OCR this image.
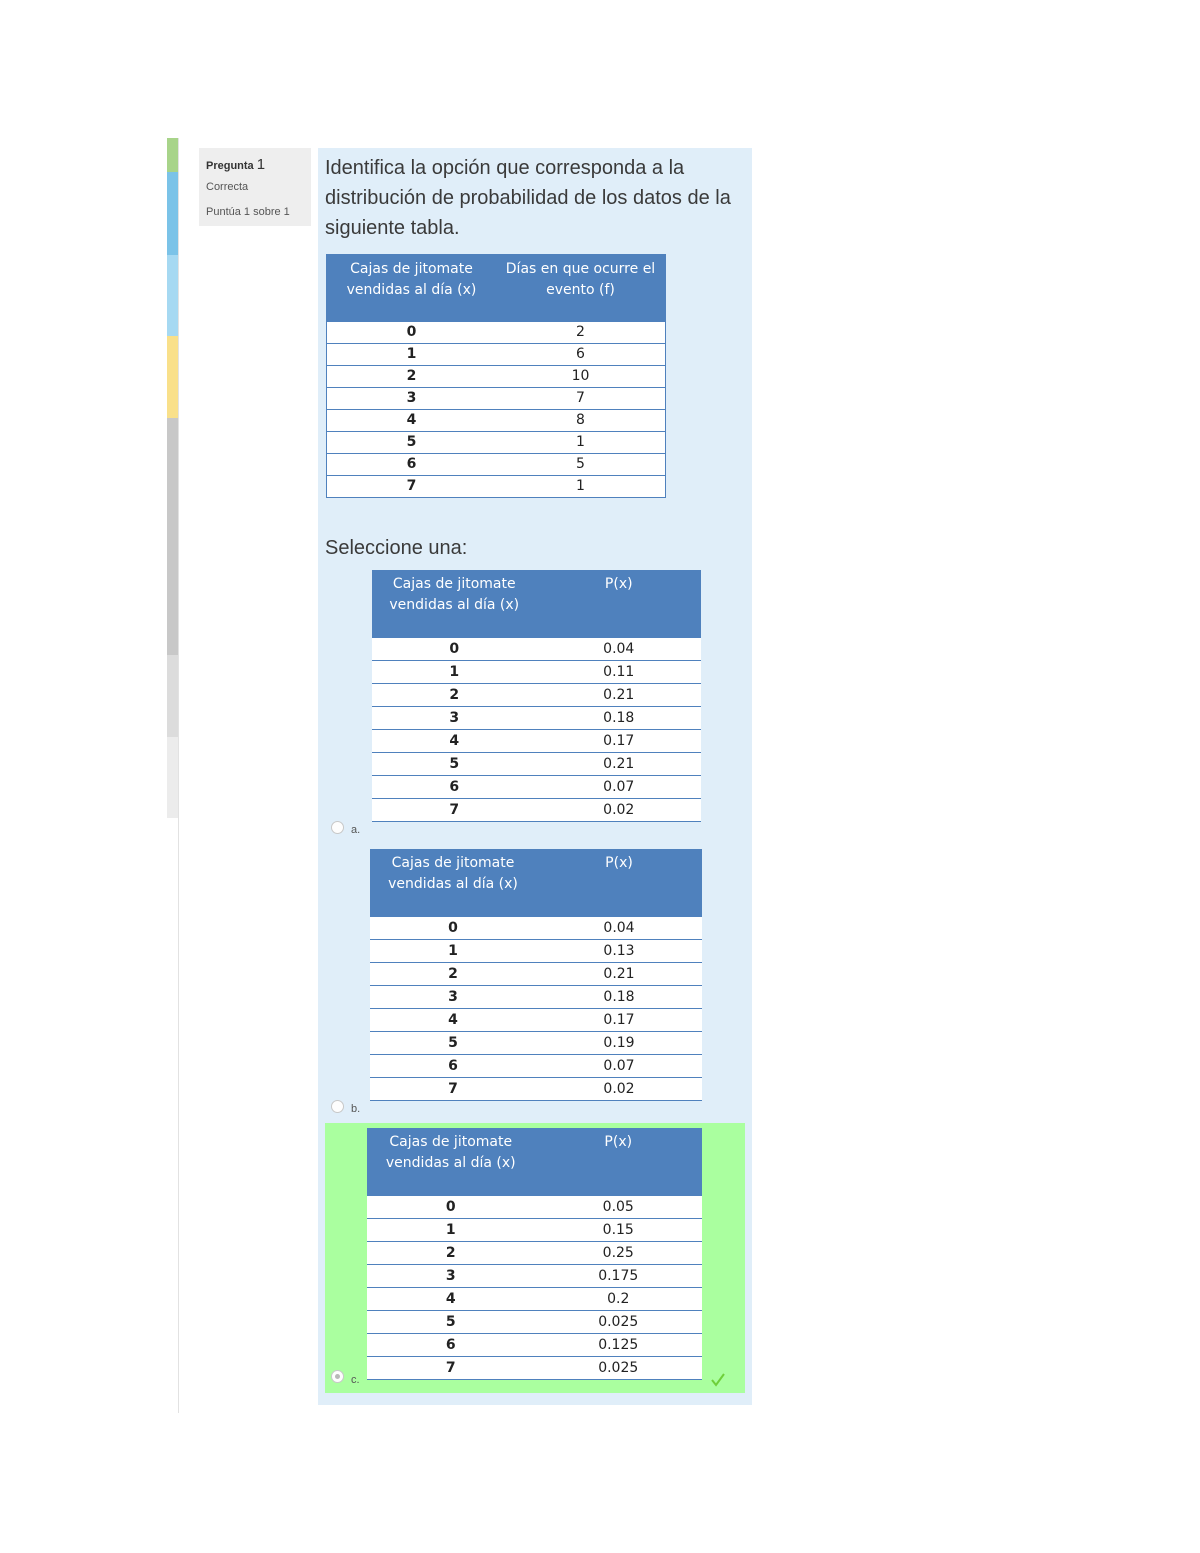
Pregunta 1
Correcta
Puntúa 1 sobre 1
Identifica la opción que corresponda a la distribución de probabilidad de los datos de la siguiente tabla.
Cajas de jitomate vendidas al día (x)	Días en que ocurre el evento (f)
0	2
1	6
2	10
3	7
4	8
5	1
6	5
7	1
Seleccione una:
Cajas de jitomate vendidas al día (x)	P(x)
0	0.04
1	0.11
2	0.21
3	0.18
4	0.17
5	0.21
6	0.07
7	0.02
a.
Cajas de jitomate vendidas al día (x)	P(x)
0	0.04
1	0.13
2	0.21
3	0.18
4	0.17
5	0.19
6	0.07
7	0.02
b.
Cajas de jitomate vendidas al día (x)	P(x)
0	0.05
1	0.15
2	0.25
3	0.175
4	0.2
5	0.025
6	0.125
7	0.025
c.
